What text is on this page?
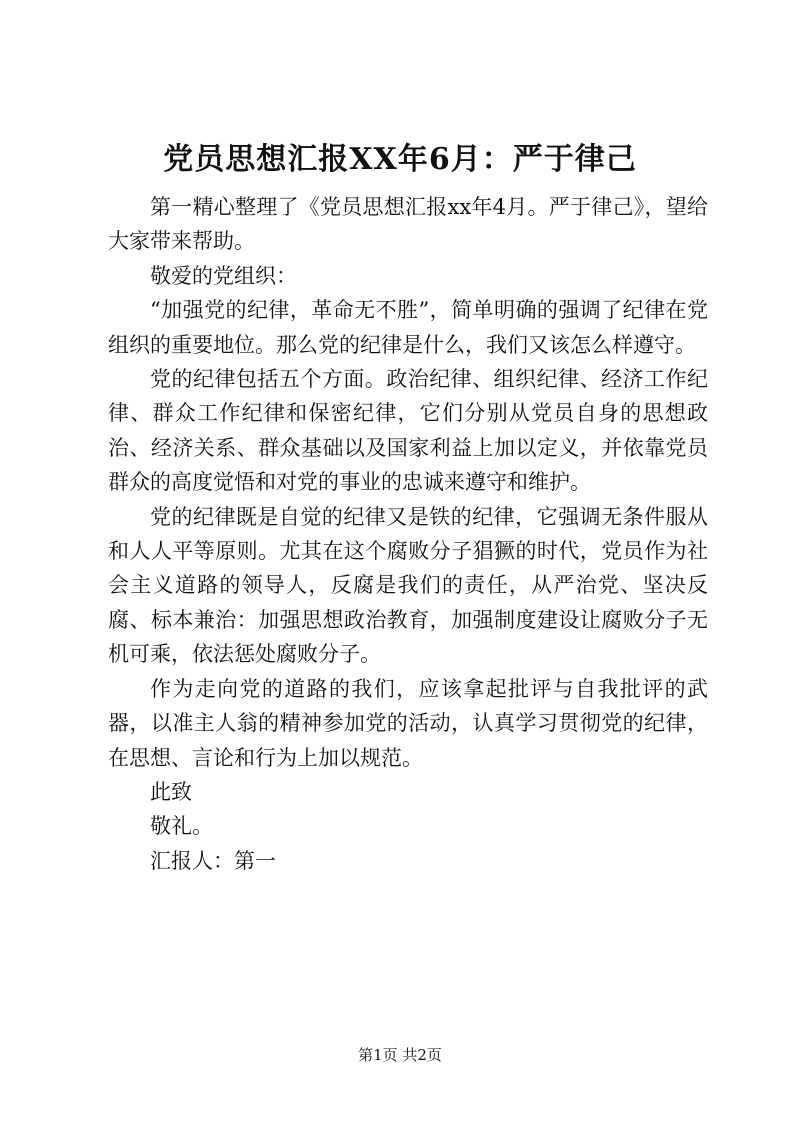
党员思想汇报XX年6月：严于律己

第一精心整理了《党员思想汇报xx年4月。严于律己》，望给大家带来帮助。

敬爱的党组织：

“加强党的纪律，革命无不胜”，简单明确的强调了纪律在党组织的重要地位。那么党的纪律是什么，我们又该怎么样遵守。

党的纪律包括五个方面。政治纪律、组织纪律、经济工作纪律、群众工作纪律和保密纪律，它们分别从党员自身的思想政治、经济关系、群众基础以及国家利益上加以定义，并依靠党员群众的高度觉悟和对党的事业的忠诚来遵守和维护。

党的纪律既是自觉的纪律又是铁的纪律，它强调无条件服从和人人平等原则。尤其在这个腐败分子猖獗的时代，党员作为社会主义道路的领导人，反腐是我们的责任，从严治党、坚决反腐、标本兼治：加强思想政治教育，加强制度建设让腐败分子无机可乘，依法惩处腐败分子。

作为走向党的道路的我们，应该拿起批评与自我批评的武器，以准主人翁的精神参加党的活动，认真学习贯彻党的纪律，在思想、言论和行为上加以规范。

此致

敬礼。

汇报人：第一

第1页 共2页
